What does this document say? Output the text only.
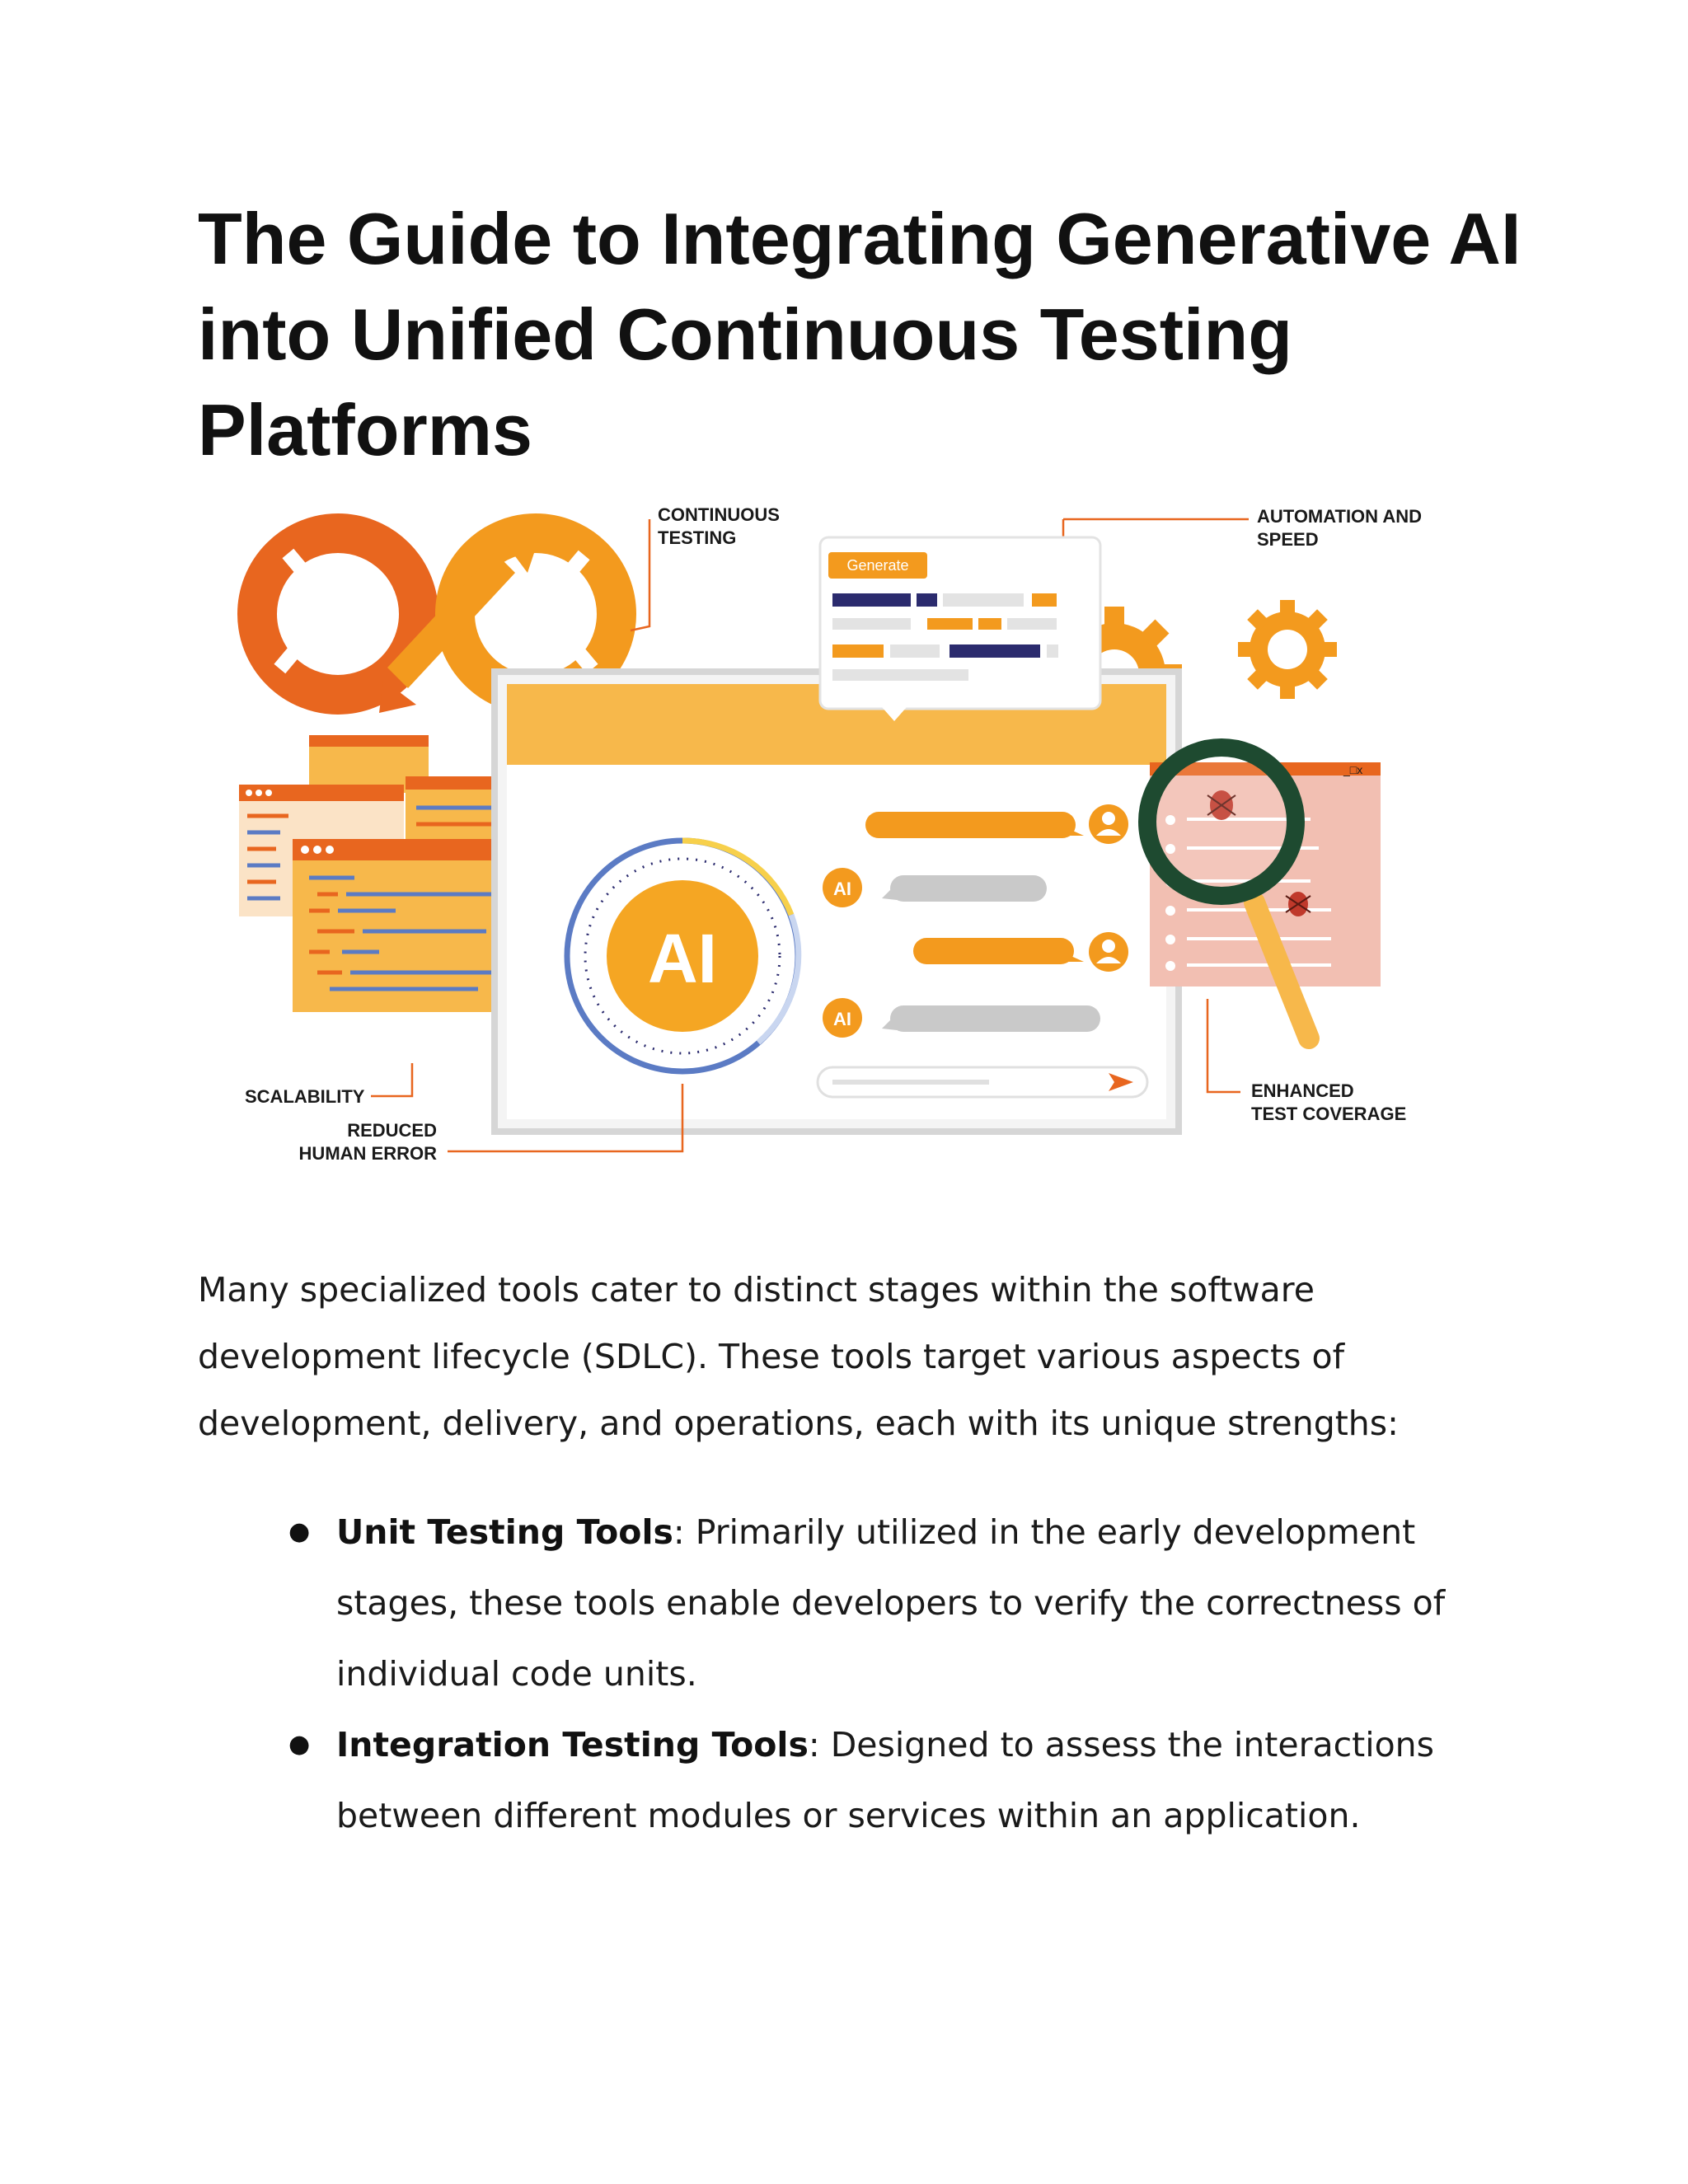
The Guide to Integrating Generative AI into Unified Continuous Testing Platforms
CONTINUOUS
TESTING
AUTOMATION AND
SPEED
SCALABILITY
Generate
AI
AI
AI
_□x
ENHANCED
TEST COVERAGE
REDUCED
HUMAN ERROR

Many specialized tools cater to distinct stages within the software development lifecycle (SDLC). These tools target various aspects of development, delivery, and operations, each with its unique strengths:

● Unit Testing Tools: Primarily utilized in the early development stages, these tools enable developers to verify the correctness of individual code units.
● Integration Testing Tools: Designed to assess the interactions between different modules or services within an application.
